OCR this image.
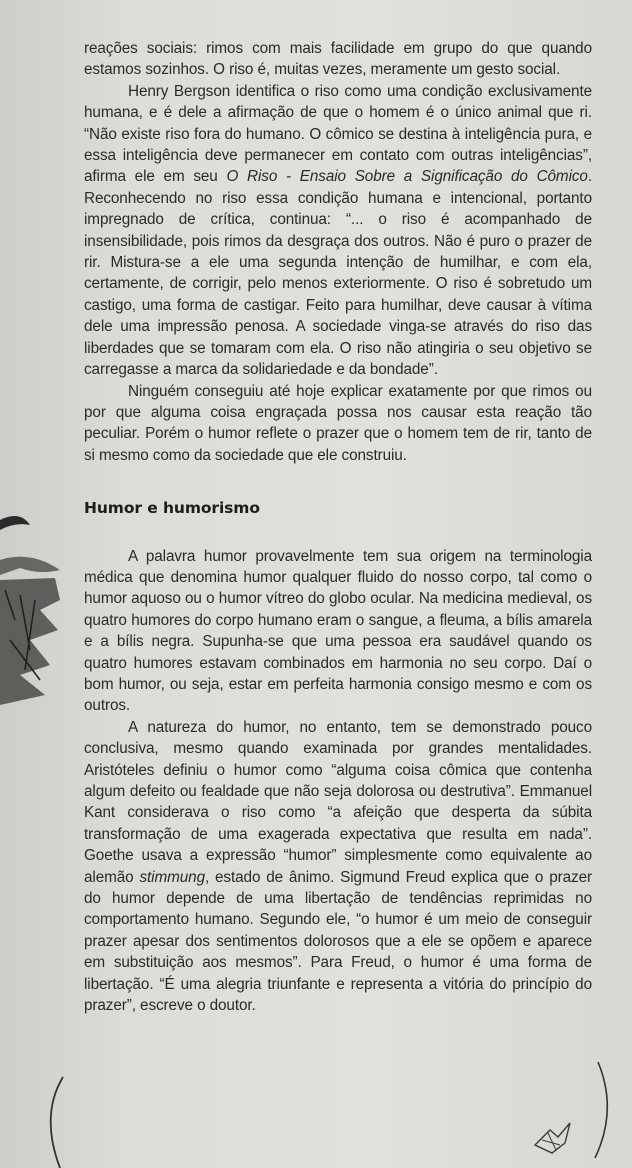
reações sociais: rimos com mais facilidade em grupo do que quando estamos sozinhos. O riso é, muitas vezes, meramente um gesto social.

Henry Bergson identifica o riso como uma condição exclusivamente humana, e é dele a afirmação de que o homem é o único animal que ri. “Não existe riso fora do humano. O cômico se destina à inteligência pura, e essa inteligência deve permanecer em contato com outras inteligências”, afirma ele em seu O Riso - Ensaio Sobre a Significação do Cômico. Reconhecendo no riso essa condição humana e intencional, portanto impregnado de crítica, continua: “... o riso é acompanhado de insensibilidade, pois rimos da desgraça dos outros. Não é puro o prazer de rir. Mistura-se a ele uma segunda intenção de humilhar, e com ela, certamente, de corrigir, pelo menos exteriormente. O riso é sobretudo um castigo, uma forma de castigar. Feito para humilhar, deve causar à vítima dele uma impressão penosa. A sociedade vinga-se através do riso das liberdades que se tomaram com ela. O riso não atingiria o seu objetivo se carregasse a marca da solidariedade e da bondade”.

Ninguém conseguiu até hoje explicar exatamente por que rimos ou por que alguma coisa engraçada possa nos causar esta reação tão peculiar. Porém o humor reflete o prazer que o homem tem de rir, tanto de si mesmo como da sociedade que ele construiu.

Humor e humorismo

A palavra humor provavelmente tem sua origem na terminologia médica que denomina humor qualquer fluido do nosso corpo, tal como o humor aquoso ou o humor vítreo do globo ocular. Na medicina medieval, os quatro humores do corpo humano eram o sangue, a fleuma, a bílis amarela e a bílis negra. Supunha-se que uma pessoa era saudável quando os quatro humores estavam combinados em harmonia no seu corpo. Daí o bom humor, ou seja, estar em perfeita harmonia consigo mesmo e com os outros.

A natureza do humor, no entanto, tem se demonstrado pouco conclusiva, mesmo quando examinada por grandes mentalidades. Aristóteles definiu o humor como “alguma coisa cômica que contenha algum defeito ou fealdade que não seja dolorosa ou destrutiva”. Emmanuel Kant considerava o riso como “a afeição que desperta da súbita transformação de uma exagerada expectativa que resulta em nada”. Goethe usava a expressão “humor” simplesmente como equivalente ao alemão stimmung, estado de ânimo. Sigmund Freud explica que o prazer do humor depende de uma libertação de tendências reprimidas no comportamento humano. Segundo ele, “o humor é um meio de conseguir prazer apesar dos sentimentos dolorosos que a ele se opõem e aparece em substituição aos mesmos”. Para Freud, o humor é uma forma de libertação. “É uma alegria triunfante e representa a vitória do princípio do prazer”, escreve o doutor.
